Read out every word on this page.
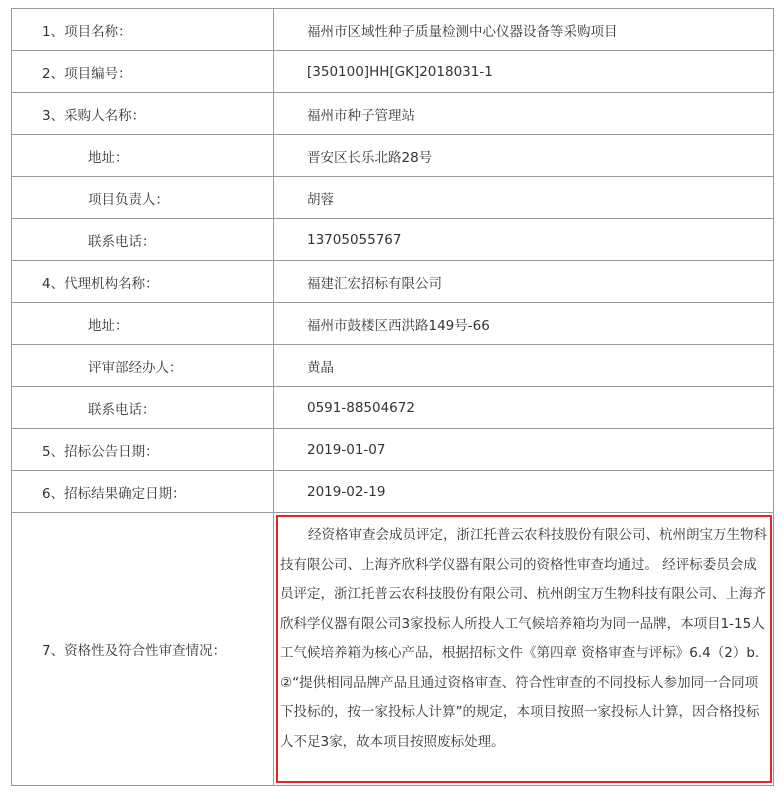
1、项目名称：	福州市区域性种子质量检测中心仪器设备等采购项目
2、项目编号：	[350100]HH[GK]2018031-1
3、采购人名称：	福州市种子管理站
地址：	晋安区长乐北路28号
项目负责人：	胡蓉
联系电话：	13705055767
4、代理机构名称：	福建汇宏招标有限公司
地址：	福州市鼓楼区西洪路149号-66
评审部经办人：	黄晶
联系电话：	0591-88504672
5、招标公告日期：	2019-01-07
6、招标结果确定日期：	2019-02-19
7、资格性及符合性审查情况：	经资格审查会成员评定，浙江托普云农科技股份有限公司、杭州朗宝万生物科技有限公司、上海齐欣科学仪器有限公司的资格性审查均通过。 经评标委员会成员评定，浙江托普云农科技股份有限公司、杭州朗宝万生物科技有限公司、上海齐欣科学仪器有限公司3家投标人所投人工气候培养箱均为同一品牌，本项目1-15人工气候培养箱为核心产品，根据招标文件《第四章 资格审查与评标》6.4（2）b.②“提供相同品牌产品且通过资格审查、符合性审查的不同投标人参加同一合同项下投标的，按一家投标人计算”的规定，本项目按照一家投标人计算，因合格投标人不足3家，故本项目按照废标处理。
